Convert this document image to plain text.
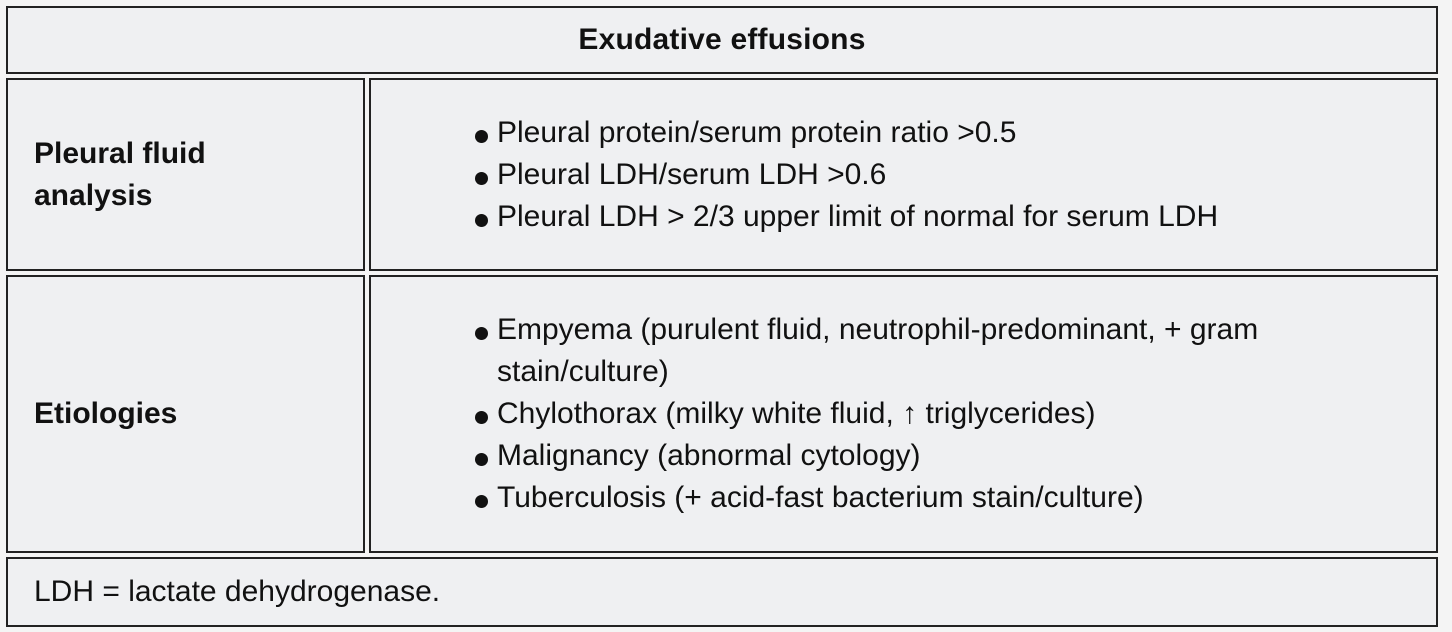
Exudative effusions
Pleural fluid analysis
Pleural protein/serum protein ratio >0.5
Pleural LDH/serum LDH >0.6
Pleural LDH > 2/3 upper limit of normal for serum LDH
Etiologies
Empyema (purulent fluid, neutrophil-predominant, + gram stain/culture)
Chylothorax (milky white fluid, ↑ triglycerides)
Malignancy (abnormal cytology)
Tuberculosis (+ acid-fast bacterium stain/culture)
LDH = lactate dehydrogenase.
